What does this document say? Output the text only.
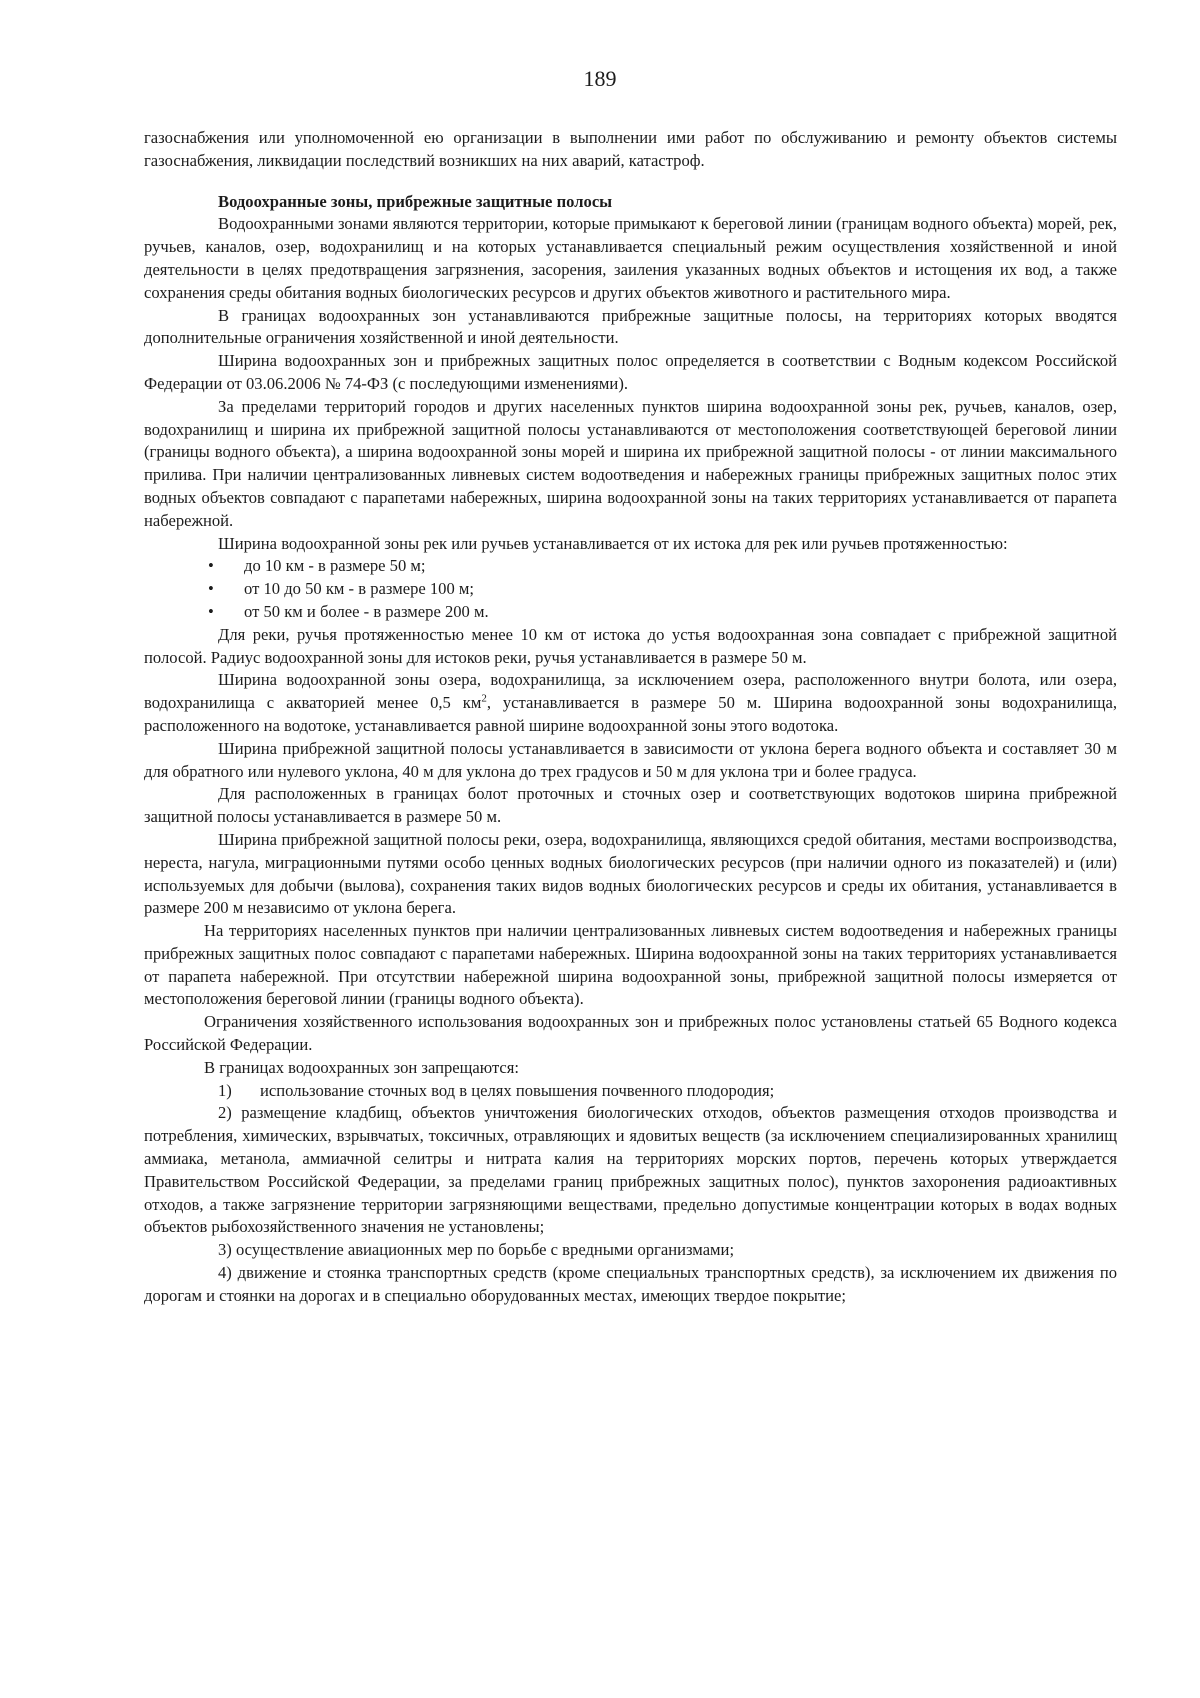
189

газоснабжения или уполномоченной ею организации в выполнении ими работ по обслуживанию и ремонту объектов системы газоснабжения, ликвидации последствий возникших на них аварий, катастроф.

Водоохранные зоны, прибрежные защитные полосы

Водоохранными зонами являются территории, которые примыкают к береговой линии (границам водного объекта) морей, рек, ручьев, каналов, озер, водохранилищ и на которых устанавливается специальный режим осуществления хозяйственной и иной деятельности в целях предотвращения загрязнения, засорения, заиления указанных водных объектов и истощения их вод, а также сохранения среды обитания водных биологических ресурсов и других объектов животного и растительного мира.

В границах водоохранных зон устанавливаются прибрежные защитные полосы, на территориях которых вводятся дополнительные ограничения хозяйственной и иной деятельности.

Ширина водоохранных зон и прибрежных защитных полос определяется в соответствии с Водным кодексом Российской Федерации от 03.06.2006 № 74-ФЗ (с последующими изменениями).

За пределами территорий городов и других населенных пунктов ширина водоохранной зоны рек, ручьев, каналов, озер, водохранилищ и ширина их прибрежной защитной полосы устанавливаются от местоположения соответствующей береговой линии (границы водного объекта), а ширина водоохранной зоны морей и ширина их прибрежной защитной полосы - от линии максимального прилива. При наличии централизованных ливневых систем водоотведения и набережных границы прибрежных защитных полос этих водных объектов совпадают с парапетами набережных, ширина водоохранной зоны на таких территориях устанавливается от парапета набережной.

Ширина водоохранной зоны рек или ручьев устанавливается от их истока для рек или ручьев протяженностью:

•	до 10 км - в размере 50 м;
•	от 10 до 50 км - в размере 100 м;
•	от 50 км и более - в размере 200 м.

Для реки, ручья протяженностью менее 10 км от истока до устья водоохранная зона совпадает с прибрежной защитной полосой. Радиус водоохранной зоны для истоков реки, ручья устанавливается в размере 50 м.

Ширина водоохранной зоны озера, водохранилища, за исключением озера, расположенного внутри болота, или озера, водохранилища с акваторией менее 0,5 $км^2$, устанавливается в размере 50 м. Ширина водоохранной зоны водохранилища, расположенного на водотоке, устанавливается равной ширине водоохранной зоны этого водотока.

Ширина прибрежной защитной полосы устанавливается в зависимости от уклона берега водного объекта и составляет 30 м для обратного или нулевого уклона, 40 м для уклона до трех градусов и 50 м для уклона три и более градуса.

Для расположенных в границах болот проточных и сточных озер и соответствующих водотоков ширина прибрежной защитной полосы устанавливается в размере 50 м.

Ширина прибрежной защитной полосы реки, озера, водохранилища, являющихся средой обитания, местами воспроизводства, нереста, нагула, миграционными путями особо ценных водных биологических ресурсов (при наличии одного из показателей) и (или) используемых для добычи (вылова), сохранения таких видов водных биологических ресурсов и среды их обитания, устанавливается в размере 200 м независимо от уклона берега.

На территориях населенных пунктов при наличии централизованных ливневых систем водоотведения и набережных границы прибрежных защитных полос совпадают с парапетами набережных. Ширина водоохранной зоны на таких территориях устанавливается от парапета набережной. При отсутствии набережной ширина водоохранной зоны, прибрежной защитной полосы измеряется от местоположения береговой линии (границы водного объекта).

Ограничения хозяйственного использования водоохранных зон и прибрежных полос установлены статьей 65 Водного кодекса Российской Федерации.

В границах водоохранных зон запрещаются:

1) использование сточных вод в целях повышения почвенного плодородия;

2) размещение кладбищ, объектов уничтожения биологических отходов, объектов размещения отходов производства и потребления, химических, взрывчатых, токсичных, отравляющих и ядовитых веществ (за исключением специализированных хранилищ аммиака, метанола, аммиачной селитры и нитрата калия на территориях морских портов, перечень которых утверждается Правительством Российской Федерации, за пределами границ прибрежных защитных полос), пунктов захоронения радиоактивных отходов, а также загрязнение территории загрязняющими веществами, предельно допустимые концентрации которых в водах водных объектов рыбохозяйственного значения не установлены;

3) осуществление авиационных мер по борьбе с вредными организмами;

4) движение и стоянка транспортных средств (кроме специальных транспортных средств), за исключением их движения по дорогам и стоянки на дорогах и в специально оборудованных местах, имеющих твердое покрытие;
